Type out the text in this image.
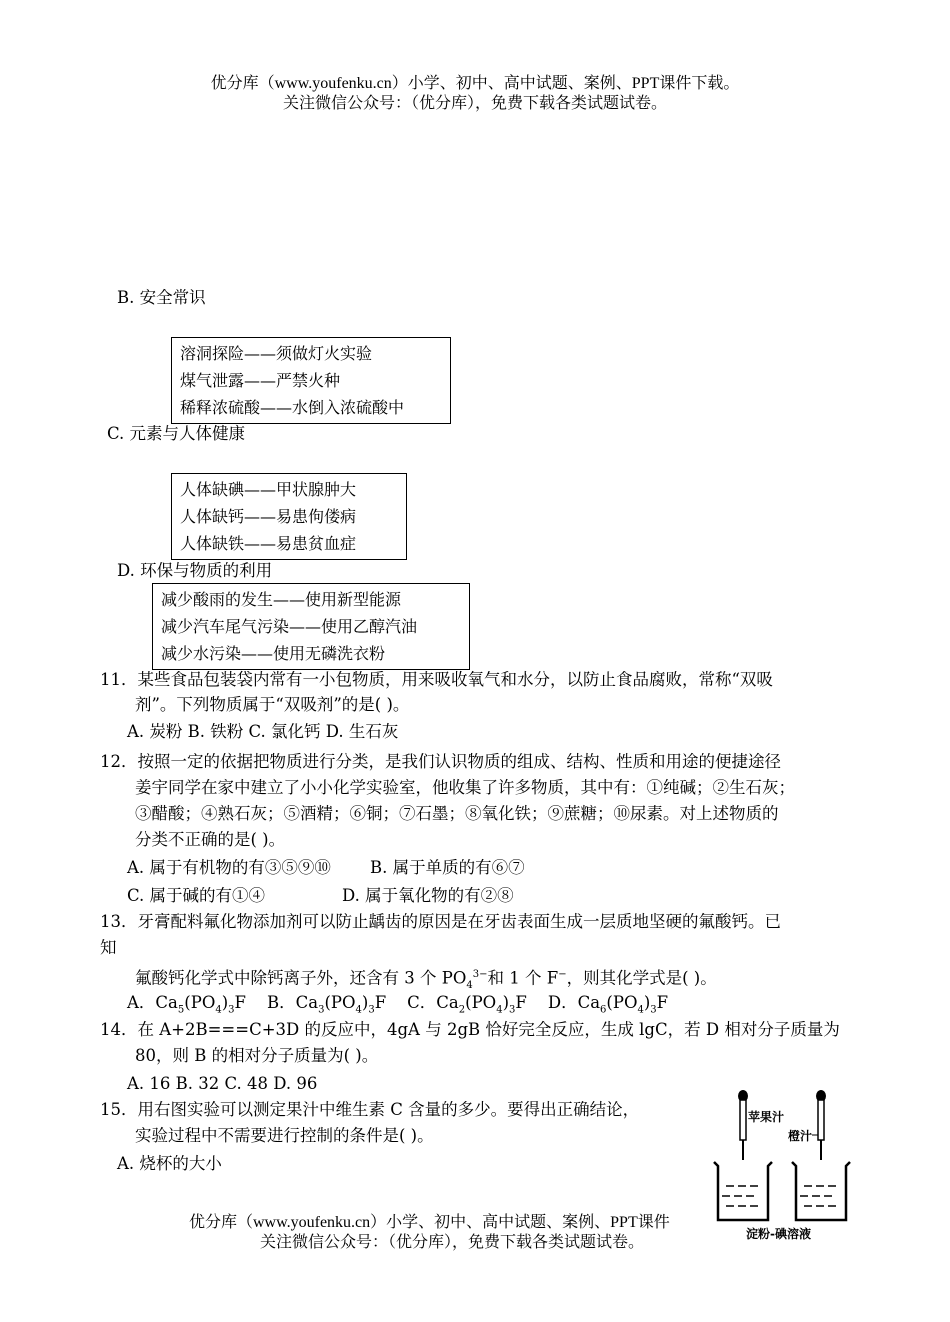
优分库（www.youfenku.cn）小学、初中、高中试题、案例、PPT课件下载。
关注微信公众号：（优分库），免费下载各类试题试卷。
B. 安全常识
溶洞探险——须做灯火实验
煤气泄露——严禁火种
稀释浓硫酸——水倒入浓硫酸中
C. 元素与人体健康
人体缺碘——甲状腺肿大
人体缺钙——易患佝偻病
人体缺铁——易患贫血症
D. 环保与物质的利用
减少酸雨的发生——使用新型能源
减少汽车尾气污染——使用乙醇汽油
减少水污染——使用无磷洗衣粉
11．某些食品包装袋内常有一小包物质，用来吸收氧气和水分，以防止食品腐败，常称“双吸
剂”。下列物质属于“双吸剂”的是( )。
A. 炭粉 B. 铁粉 C. 氯化钙 D. 生石灰
12．按照一定的依据把物质进行分类，是我们认识物质的组成、结构、性质和用途的便捷途径
姜宇同学在家中建立了小小化学实验室，他收集了许多物质，其中有：①纯碱；②生石灰；
③醋酸；④熟石灰；⑤酒精；⑥铜；⑦石墨；⑧氧化铁；⑨蔗糖；⑩尿素。对上述物质的
分类不正确的是( )。
A. 属于有机物的有③⑤⑨⑩ B. 属于单质的有⑥⑦
C. 属于碱的有①④	D. 属于氧化物的有②⑧
13．牙膏配料氟化物添加剂可以防止龋齿的原因是在牙齿表面生成一层质地坚硬的氟酸钙。已
知
氟酸钙化学式中除钙离子外，还含有 3 个 $PO_4^{3-}$和 1 个 F−，则其化学式是( )。
A．$Ca_5(PO_4)_3F$ B．$Ca_3(PO_4)_3F$ C．$Ca_2(PO_4)_3F$ D．$Ca_6(PO_4)_3F$
14．在 A+2B===C+3D 的反应中，4gA 与 2gB 恰好完全反应，生成 lgC，若 D 相对分子质量为
80，则 B 的相对分子质量为( )。
A. 16 B. 32 C. 48 D. 96
15．用右图实验可以测定果汁中维生素 C 含量的多少。要得出正确结论，
实验过程中不需要进行控制的条件是( )。
A. 烧杯的大小
苹果汁
橙汁
淀粉-碘溶液
优分库（www.youfenku.cn）小学、初中、高中试题、案例、PPT课件
关注微信公众号：（优分库），免费下载各类试题试卷。
